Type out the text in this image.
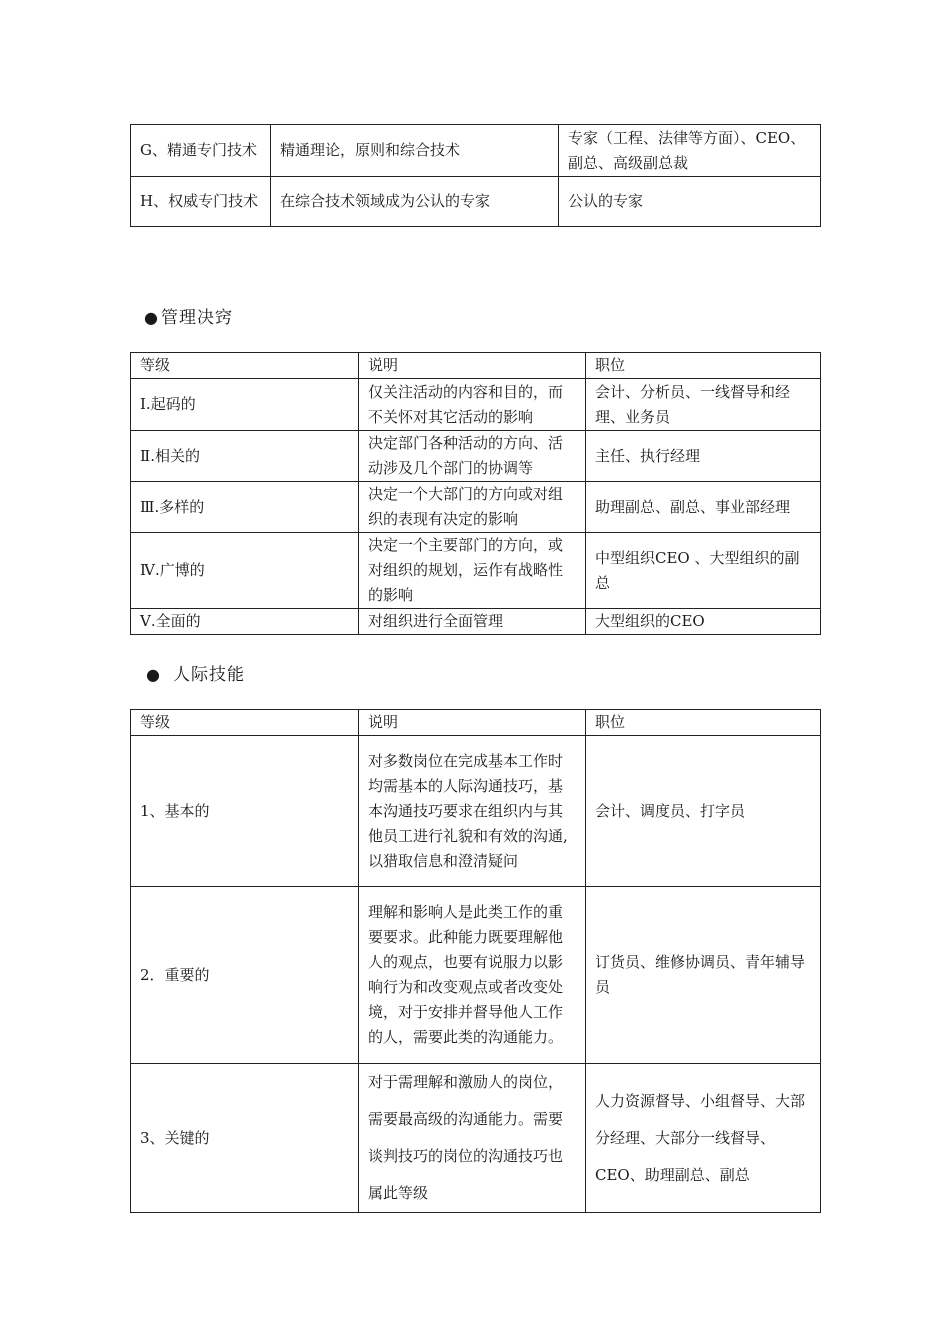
G、精通专门技术	精通理论，原则和综合技术	专家（工程、法律等方面）、CEO、副总、高级副总裁
H、权威专门技术	在综合技术领域成为公认的专家	公认的专家
● 管理决窍
等级	说明	职位
Ⅰ.起码的	仅关注活动的内容和目的，而不关怀对其它活动的影响	会计、分析员、一线督导和经理、业务员
Ⅱ.相关的	决定部门各种活动的方向、活动涉及几个部门的协调等	主任、执行经理
Ⅲ.多样的	决定一个大部门的方向或对组织的表现有决定的影响	助理副总、副总、事业部经理
Ⅳ.广博的	决定一个主要部门的方向，或对组织的规划，运作有战略性的影响	中型组织CEO 、大型组织的副总
Ⅴ.全面的	对组织进行全面管理	大型组织的CEO
● 人际技能
等级	说明	职位
1、基本的	对多数岗位在完成基本工作时均需基本的人际沟通技巧，基本沟通技巧要求在组织内与其他员工进行礼貌和有效的沟通,以猎取信息和澄清疑问	会计、调度员、打字员
2．重要的	理解和影响人是此类工作的重要要求。此种能力既要理解他人的观点，也要有说服力以影响行为和改变观点或者改变处境，对于安排并督导他人工作的人，需要此类的沟通能力。	订货员、维修协调员、青年辅导员
3、关键的	对于需理解和激励人的岗位，需要最高级的沟通能力。需要谈判技巧的岗位的沟通技巧也属此等级	人力资源督导、小组督导、大部分经理、大部分一线督导、CEO、助理副总、副总
